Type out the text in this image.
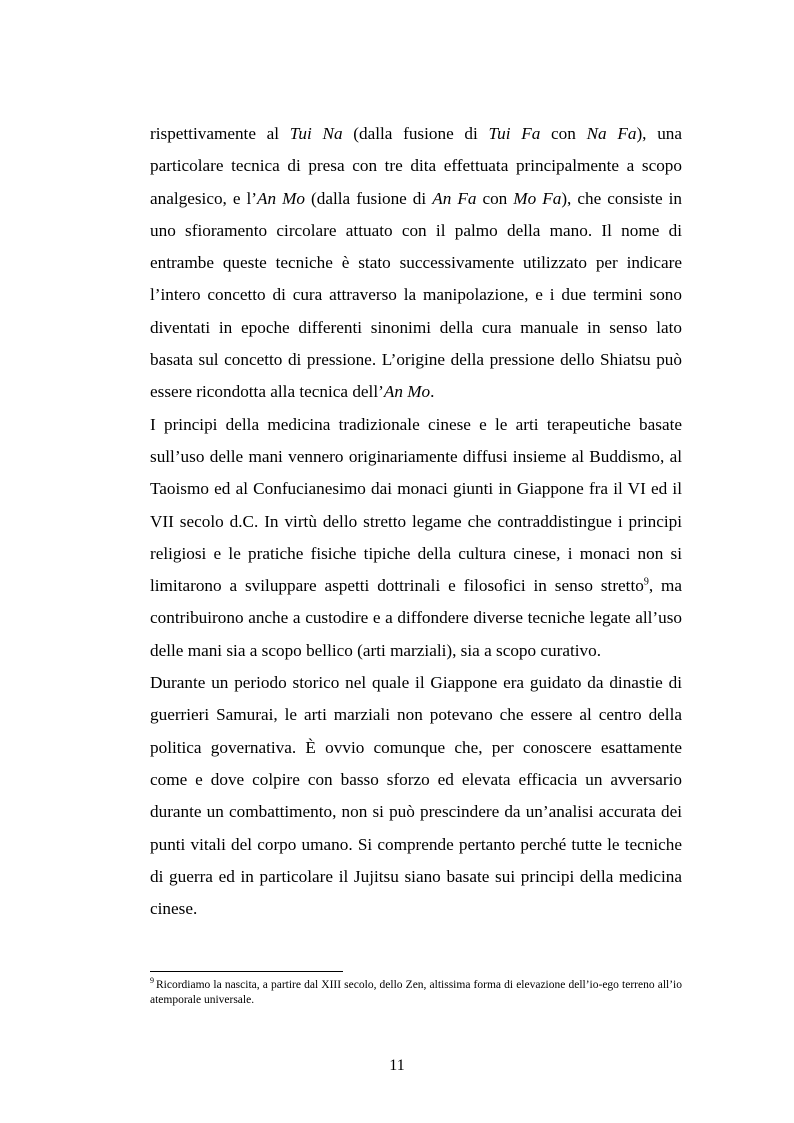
rispettivamente al Tui Na (dalla fusione di Tui Fa con Na Fa), una particolare tecnica di presa con tre dita effettuata principalmente a scopo analgesico, e l’An Mo (dalla fusione di An Fa con Mo Fa), che consiste in uno sfioramento circolare attuato con il palmo della mano. Il nome di entrambe queste tecniche è stato successivamente utilizzato per indicare l’intero concetto di cura attraverso la manipolazione, e i due termini sono diventati in epoche differenti sinonimi della cura manuale in senso lato basata sul concetto di pressione. L’origine della pressione dello Shiatsu può essere ricondotta alla tecnica dell’An Mo.

I principi della medicina tradizionale cinese e le arti terapeutiche basate sull’uso delle mani vennero originariamente diffusi insieme al Buddismo, al Taoismo ed al Confucianesimo dai monaci giunti in Giappone fra il VI ed il VII secolo d.C. In virtù dello stretto legame che contraddistingue i principi religiosi e le pratiche fisiche tipiche della cultura cinese, i monaci non si limitarono a sviluppare aspetti dottrinali e filosofici in senso stretto$^9$, ma contribuirono anche a custodire e a diffondere diverse tecniche legate all’uso delle mani sia a scopo bellico (arti marziali), sia a scopo curativo.

Durante un periodo storico nel quale il Giappone era guidato da dinastie di guerrieri Samurai, le arti marziali non potevano che essere al centro della politica governativa. È ovvio comunque che, per conoscere esattamente come e dove colpire con basso sforzo ed elevata efficacia un avversario durante un combattimento, non si può prescindere da un’analisi accurata dei punti vitali del corpo umano. Si comprende pertanto perché tutte le tecniche di guerra ed in particolare il Jujitsu siano basate sui principi della medicina cinese.

$^9$ Ricordiamo la nascita, a partire dal XIII secolo, dello Zen, altissima forma di elevazione dell’io-ego terreno all’io atemporale universale.
11
